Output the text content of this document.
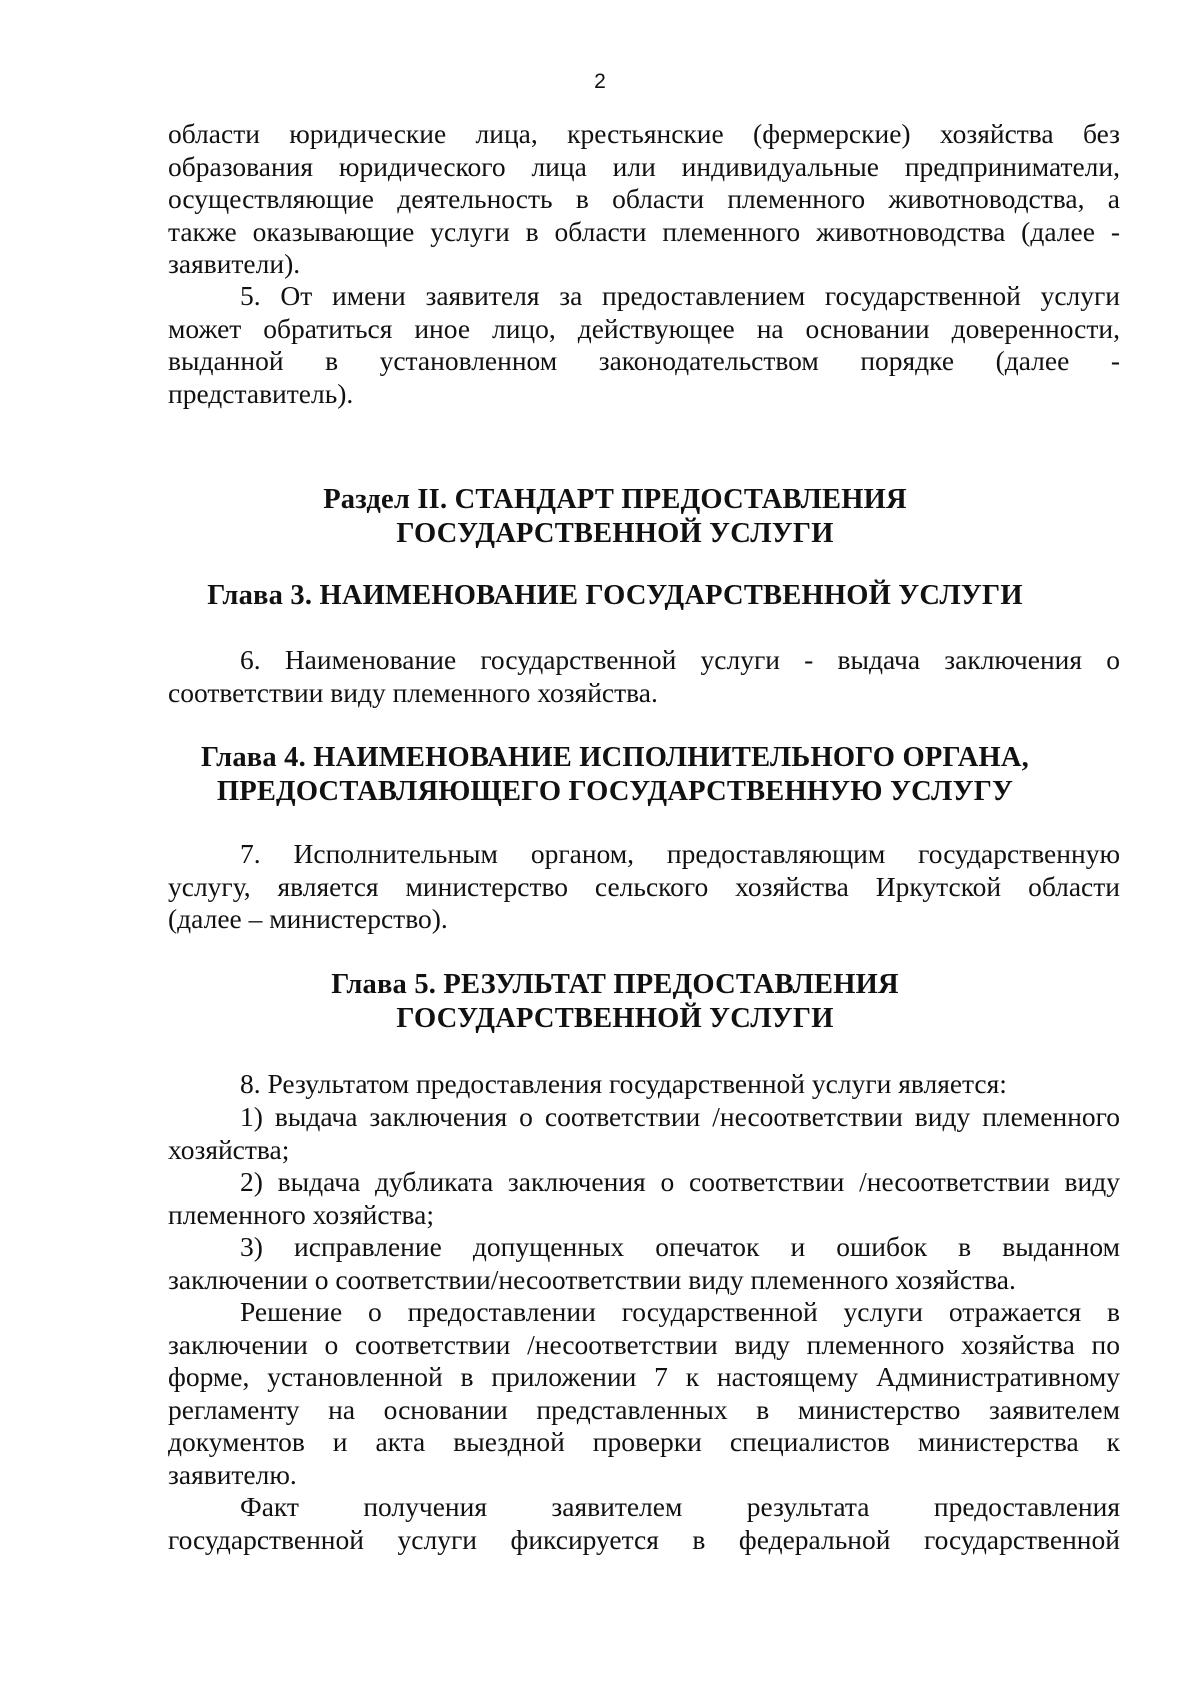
2
области юридические лица, крестьянские (фермерские) хозяйства без
образования юридического лица или индивидуальные предприниматели,
осуществляющие деятельность в области племенного животноводства, а
также оказывающие услуги в области племенного животноводства (далее -
заявители).
5. От имени заявителя за предоставлением государственной услуги
может обратиться иное лицо, действующее на основании доверенности,
выданной в установленном законодательством порядке (далее -
представитель).
Раздел II. СТАНДАРТ ПРЕДОСТАВЛЕНИЯ
ГОСУДАРСТВЕННОЙ УСЛУГИ
Глава 3. НАИМЕНОВАНИЕ ГОСУДАРСТВЕННОЙ УСЛУГИ
6. Наименование государственной услуги - выдача заключения о
соответствии виду племенного хозяйства.
Глава 4. НАИМЕНОВАНИЕ ИСПОЛНИТЕЛЬНОГО ОРГАНА,
ПРЕДОСТАВЛЯЮЩЕГО ГОСУДАРСТВЕННУЮ УСЛУГУ
7. Исполнительным органом, предоставляющим государственную
услугу, является министерство сельского хозяйства Иркутской области
(далее – министерство).
Глава 5. РЕЗУЛЬТАТ ПРЕДОСТАВЛЕНИЯ
ГОСУДАРСТВЕННОЙ УСЛУГИ
8. Результатом предоставления государственной услуги является:
1) выдача заключения о соответствии /несоответствии виду племенного
хозяйства;
2) выдача дубликата заключения о соответствии /несоответствии виду
племенного хозяйства;
3) исправление допущенных опечаток и ошибок в выданном
заключении о соответствии/несоответствии виду племенного хозяйства.
Решение о предоставлении государственной услуги отражается в
заключении о соответствии /несоответствии виду племенного хозяйства по
форме, установленной в приложении 7 к настоящему Административному
регламенту на основании представленных в министерство заявителем
документов и акта выездной проверки специалистов министерства к
заявителю.
Факт получения заявителем результата предоставления
государственной услуги фиксируется в федеральной государственной
